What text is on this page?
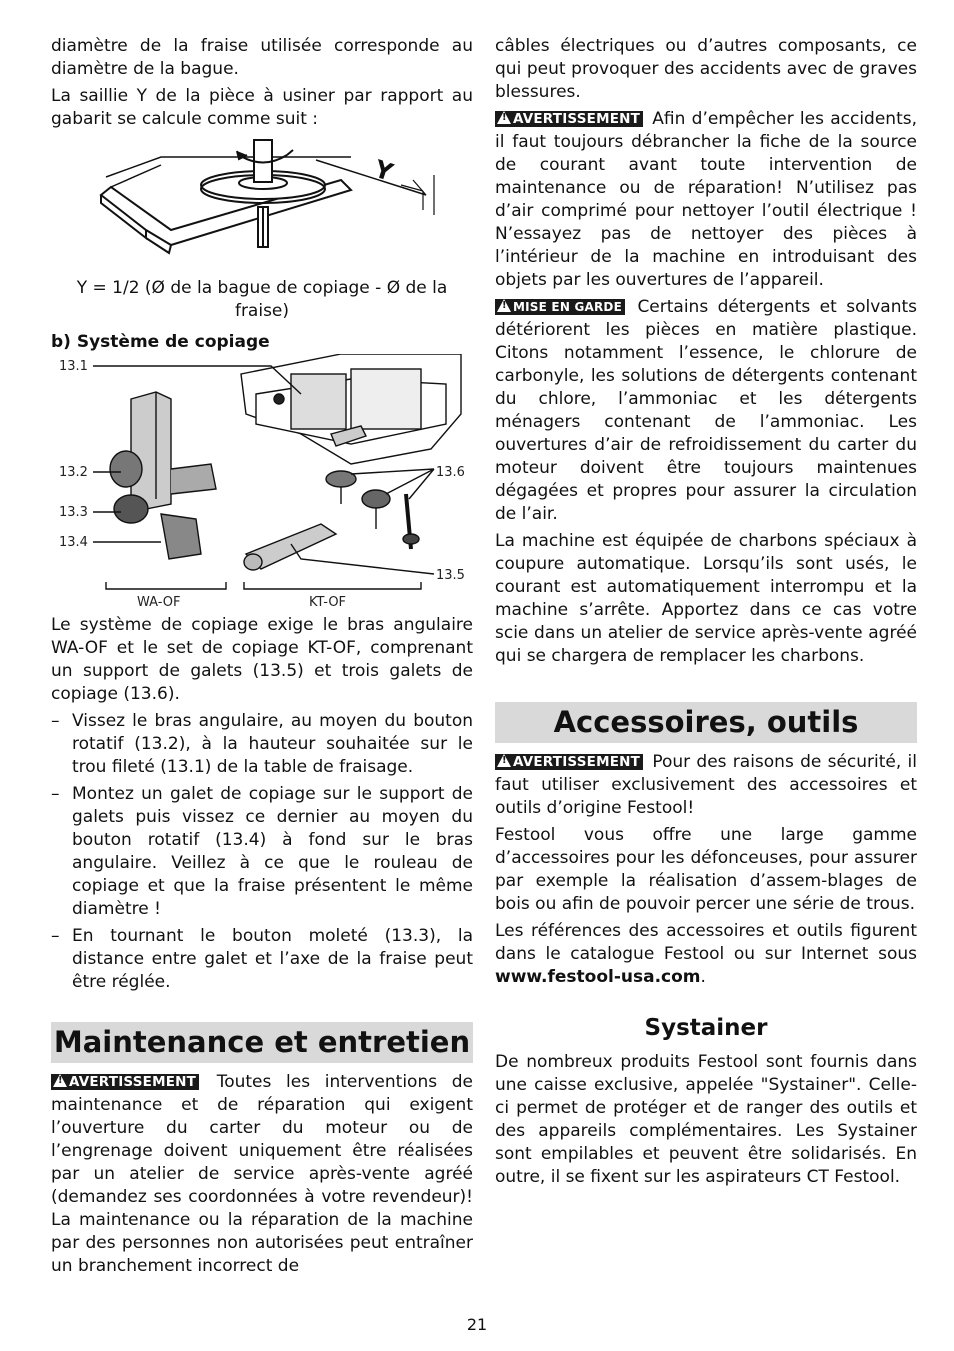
diamètre de la fraise utilisée corresponde au diamètre de la bague.

La saillie Y de la pièce à usiner par rapport au gabarit se calcule comme suit :

Y

Y = 1/2 (Ø de la bague de copiage - Ø de la fraise)

b) Système de copiage
13.1
13.2
13.3
13.4
13.6
13.5
WA-OF	KT-OF

Le système de copiage exige le bras angulaire WA-OF et le set de copiage KT-OF, comprenant un support de galets (13.5) et trois galets de copiage (13.6).

– Vissez le bras angulaire, au moyen du bouton rotatif (13.2), à la hauteur souhaitée sur le trou fileté (13.1) de la table de fraisage.
– Montez un galet de copiage sur le support de galets puis vissez ce dernier au moyen du bouton rotatif (13.4) à fond sur le bras angulaire. Veillez à ce que le rouleau de copiage et que la fraise présentent le même diamètre !
– En tournant le bouton moleté (13.3), la distance entre galet et l’axe de la fraise peut être réglée.
Maintenance et entretien

!AVERTISSEMENT Toutes les interventions de maintenance et de réparation qui exigent l’ouverture du carter du moteur ou de l’engrenage doivent uniquement être réalisées par un atelier de service après-vente agréé (demandez ses coordonnées à votre revendeur)! La maintenance ou la réparation de la machine par des personnes non autorisées peut entraîner un branchement incorrect de

câbles électriques ou d’autres composants, ce qui peut provoquer des accidents avec de graves blessures.

!AVERTISSEMENT Afin d’empêcher les accidents, il faut toujours débrancher la fiche de la source de courant avant toute intervention de maintenance ou de réparation! N’utilisez pas d’air comprimé pour nettoyer l’outil électrique ! N’essayez pas de nettoyer des pièces à l’intérieur de la machine en introduisant des objets par les ouvertures de l’appareil.

!MISE EN GARDE Certains détergents et solvants détériorent les pièces en matière plastique. Citons notamment l’essence, le chlorure de carbonyle, les solutions de détergents contenant du chlore, l’ammoniac et les détergents ménagers contenant de l’ammoniac. Les ouvertures d’air de refroidissement du carter du moteur doivent être toujours maintenues dégagées et propres pour assurer la circulation de l’air.

La machine est équipée de charbons spéciaux à coupure automatique. Lorsqu’ils sont usés, le courant est automatiquement interrompu et la machine s’arrête. Apportez dans ce cas votre scie dans un atelier de service après-vente agréé qui se chargera de remplacer les charbons.

Accessoires, outils

!AVERTISSEMENT Pour des raisons de sécurité, il faut utiliser exclusivement des accessoires et outils d’origine Festool!

Festool vous offre une large gamme d’accessoires pour les défonceuses, pour assurer par exemple la réalisation d’assem-blages de bois ou afin de pouvoir percer une série de trous.

Les références des accessoires et outils figurent dans le catalogue Festool ou sur Internet sous www.festool-usa.com.

Systainer

De nombreux produits Festool sont fournis dans une caisse exclusive, appelée "Systainer". Celle-ci permet de protéger et de ranger des outils et des appareils complémentaires. Les Systainer sont empilables et peuvent être solidarisés. En outre, il se fixent sur les aspirateurs CT Festool.

21
